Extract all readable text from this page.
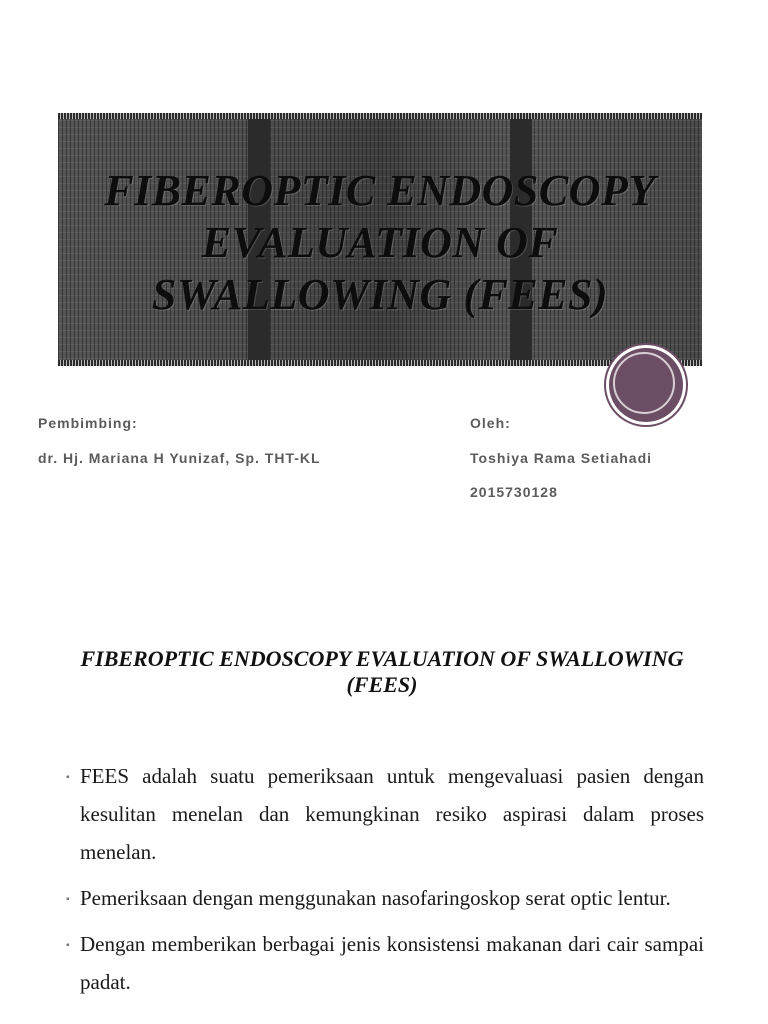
FIBEROPTIC ENDOSCOPY EVALUATION OF SWALLOWING (FEES)

Pembimbing:

dr. Hj. Mariana H Yunizaf, Sp. THT-KL

Oleh:

Toshiya Rama Setiahadi

2015730128

FIBEROPTIC ENDOSCOPY EVALUATION OF SWALLOWING (FEES)
▪ FEES adalah suatu pemeriksaan untuk mengevaluasi pasien dengan kesulitan menelan dan kemungkinan resiko aspirasi dalam proses menelan.
▪ Pemeriksaan dengan menggunakan nasofaringoskop serat optic lentur.
▪ Dengan memberikan berbagai jenis konsistensi makanan dari cair sampai padat.
